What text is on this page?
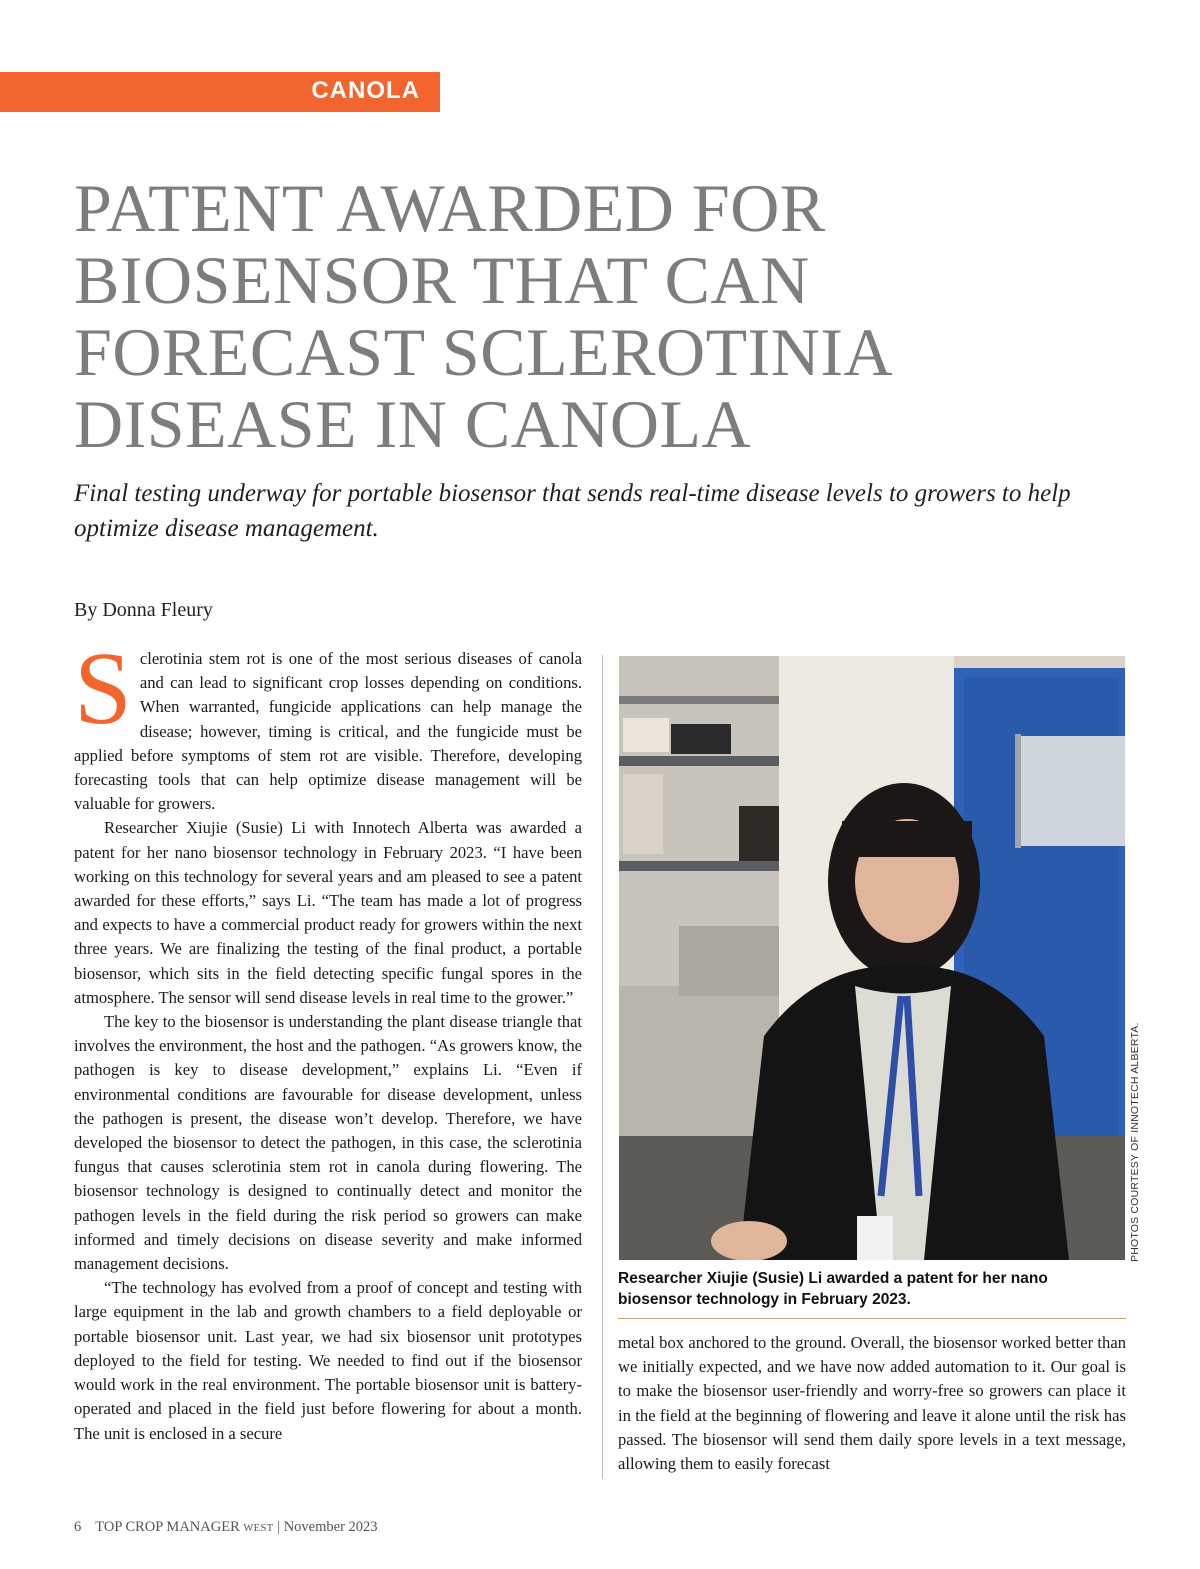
CANOLA
PATENT AWARDED FOR BIOSENSOR THAT CAN FORECAST SCLEROTINIA DISEASE IN CANOLA

Final testing underway for portable biosensor that sends real-time disease levels to growers to help optimize disease management.

By Donna Fleury

Sclerotinia stem rot is one of the most serious diseases of canola and can lead to significant crop losses depending on conditions. When warranted, fungicide applications can help manage the disease; however, timing is critical, and the fungicide must be applied before symptoms of stem rot are visible. Therefore, developing forecasting tools that can help optimize disease management will be valuable for growers.

Researcher Xiujie (Susie) Li with Innotech Alberta was awarded a patent for her nano biosensor technology in February 2023. “I have been working on this technology for several years and am pleased to see a patent awarded for these efforts,” says Li. “The team has made a lot of progress and expects to have a commercial product ready for growers within the next three years. We are finalizing the testing of the final product, a portable biosensor, which sits in the field detecting specific fungal spores in the atmosphere. The sensor will send disease levels in real time to the grower.”

The key to the biosensor is understanding the plant disease triangle that involves the environment, the host and the pathogen. “As growers know, the pathogen is key to disease development,” explains Li. “Even if environmental conditions are favourable for disease development, unless the pathogen is present, the disease won’t develop. Therefore, we have developed the biosensor to detect the pathogen, in this case, the sclerotinia fungus that causes sclerotinia stem rot in canola during flowering. The biosensor technology is designed to continually detect and monitor the pathogen levels in the field during the risk period so growers can make informed and timely decisions on disease severity and make informed management decisions.

“The technology has evolved from a proof of concept and testing with large equipment in the lab and growth chambers to a field deployable or portable biosensor unit. Last year, we had six biosensor unit prototypes deployed to the field for testing. We needed to find out if the biosensor would work in the real environment. The portable biosensor unit is battery-operated and placed in the field just before flowering for about a month. The unit is enclosed in a secure

Researcher Xiujie (Susie) Li awarded a patent for her nano biosensor technology in February 2023.

PHOTOS COURTESY OF INNOTECH ALBERTA.

metal box anchored to the ground. Overall, the biosensor worked better than we initially expected, and we have now added automation to it. Our goal is to make the biosensor user-friendly and worry-free so growers can place it in the field at the beginning of flowering and leave it alone until the risk has passed. The biosensor will send them daily spore levels in a text message, allowing them to easily forecast

6 TOP CROP MANAGER WEST | November 2023
